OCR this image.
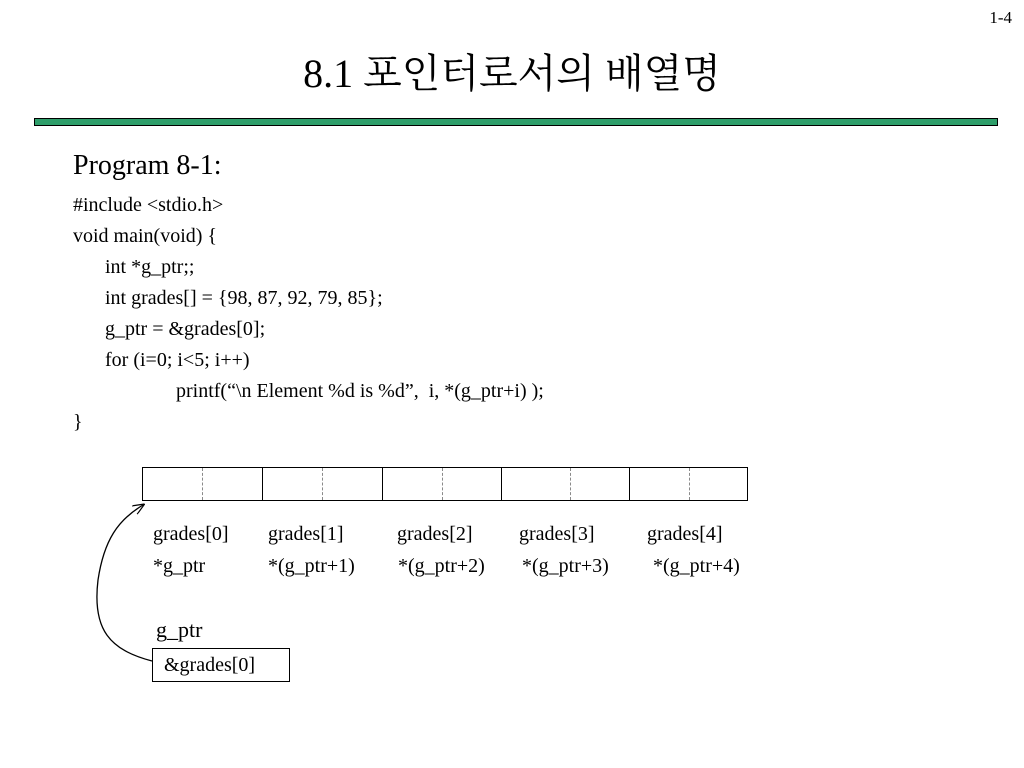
1-4
8.1 포인터로서의 배열명
Program 8-1:
#include <stdio.h>
void main(void) {
int *g_ptr;;
int grades[] = {98, 87, 92, 79, 85};
g_ptr = &grades[0];
for (i=0; i<5; i++)
printf(“\n Element %d is %d”,  i, *(g_ptr+i) );
}
grades[0] grades[1]	grades[2] grades[3]	grades[4]
*g_ptr	*(g_ptr+1) *(g_ptr+2) *(g_ptr+3) *(g_ptr+4)
g_ptr
&grades[0]
